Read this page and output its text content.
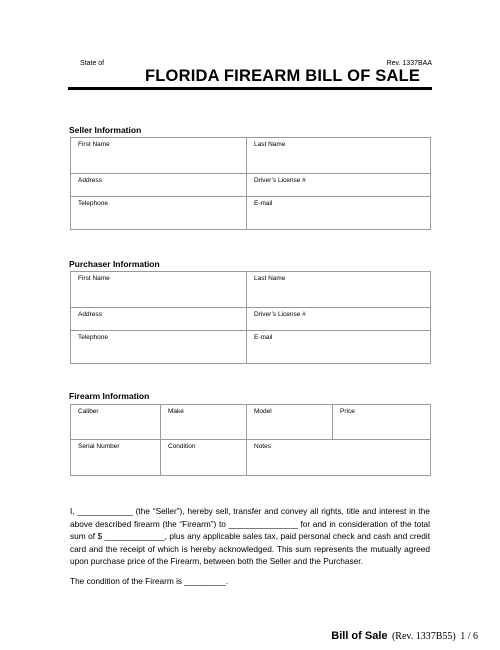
State of	Rev. 1337BAA
FLORIDA FIREARM BILL OF SALE
Seller Information
First Name	Last Name
Address	Driver’s License #
Telephone	E-mail
Purchaser Information
First Name	Last Name
Address	Driver’s License #
Telephone	E-mail
Firearm Information
Caliber	Make	Model	Price
Serial Number	Condition	Notes	
I, ____________ (the “Seller”), hereby sell, transfer and convey all rights, title and interest in the
above described firearm (the “Firearm”) to _______________ for and in consideration of the total
sum of $ _____________, plus any applicable sales tax, paid personal check and cash and credit
card and the receipt of which is hereby acknowledged. This sum represents the mutually agreed
upon purchase price of the Firearm, between both the Seller and the Purchaser.
The condition of the Firearm is _________.
Bill of Sale (Rev. 1337B55) 1 / 6
